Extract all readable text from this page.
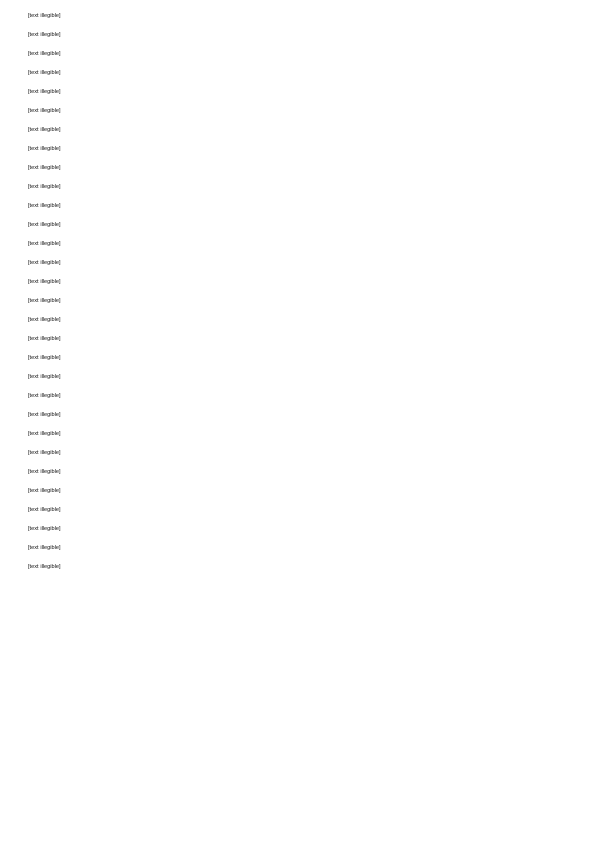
[text illegible]

[text illegible]

[text illegible]

[text illegible]

[text illegible]

[text illegible]

[text illegible]

[text illegible]

[text illegible]

[text illegible]

[text illegible]

[text illegible]

[text illegible]

[text illegible]

[text illegible]

[text illegible]

[text illegible]

[text illegible]

[text illegible]

[text illegible]

[text illegible]

[text illegible]

[text illegible]

[text illegible]

[text illegible]

[text illegible]

[text illegible]

[text illegible]

[text illegible]

[text illegible]
